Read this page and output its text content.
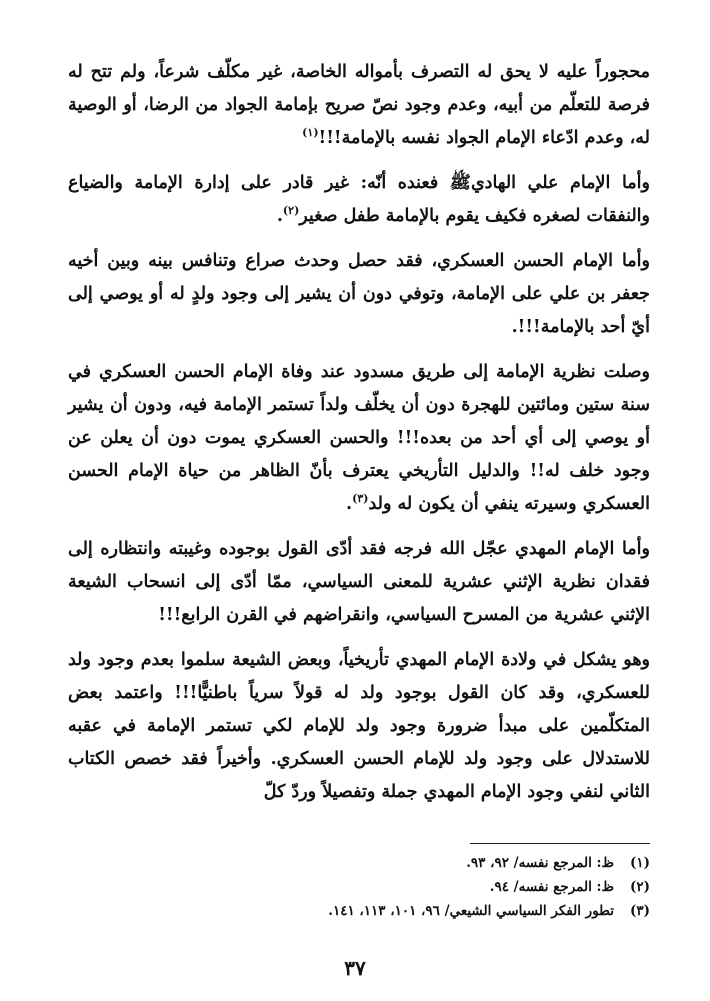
محجوراً عليه لا يحق له التصرف بأمواله الخاصة، غير مكلّف شرعاً، ولم تتح له فرصة للتعلّم من أبيه، وعدم وجود نصّ صريح بإمامة الجواد من الرضا، أو الوصية له، وعدم ادّعاء الإمام الجواد نفسه بالإمامة!!!$^{(١)}$

وأما الإمام علي الهاديﷺ فعنده أنّه: غير قادر على إدارة الإمامة والضياع والنفقات لصغره فكيف يقوم بالإمامة طفل صغير$^{(٢)}$.

وأما الإمام الحسن العسكري، فقد حصل وحدث صراع وتنافس بينه وبين أخيه جعفر بن علي على الإمامة، وتوفي دون أن يشير إلى وجود ولدٍ له أو يوصي إلى أيّ أحد بالإمامة!!!.

وصلت نظرية الإمامة إلى طريق مسدود عند وفاة الإمام الحسن العسكري في سنة ستين ومائتين للهجرة دون أن يخلّف ولداً تستمر الإمامة فيه، ودون أن يشير أو يوصي إلى أي أحد من بعده!!! والحسن العسكري يموت دون أن يعلن عن وجود خلف له!! والدليل التأريخي يعترف بأنّ الظاهر من حياة الإمام الحسن العسكري وسيرته ينفي أن يكون له ولد$^{(٣)}$.

وأما الإمام المهدي عجّل الله فرجه فقد أدّى القول بوجوده وغيبته وانتظاره إلى فقدان نظرية الإثني عشرية للمعنى السياسي، ممّا أدّى إلى انسحاب الشيعة الإثني عشرية من المسرح السياسي، وانقراضهم في القرن الرابع!!!

وهو يشكل في ولادة الإمام المهدي تأريخياً، وبعض الشيعة سلموا بعدم وجود ولد للعسكري، وقد كان القول بوجود ولد له قولاً سرياً باطنيًّا!!! واعتمد بعض المتكلّمين على مبدأ ضرورة وجود ولد للإمام لكي تستمر الإمامة في عقبه للاستدلال على وجود ولد للإمام الحسن العسكري. وأخيراً فقد خصص الكتاب الثاني لنفي وجود الإمام المهدي جملة وتفصيلاً وردّ كلّ

(١)
ظ: المرجع نفسه/ ٩٢، ٩٣.
(٢)
ظ: المرجع نفسه/ ٩٤.
(٣)
تطور الفكر السياسي الشيعي/ ٩٦، ١٠١، ١١٣، ١٤١.
٣٧
